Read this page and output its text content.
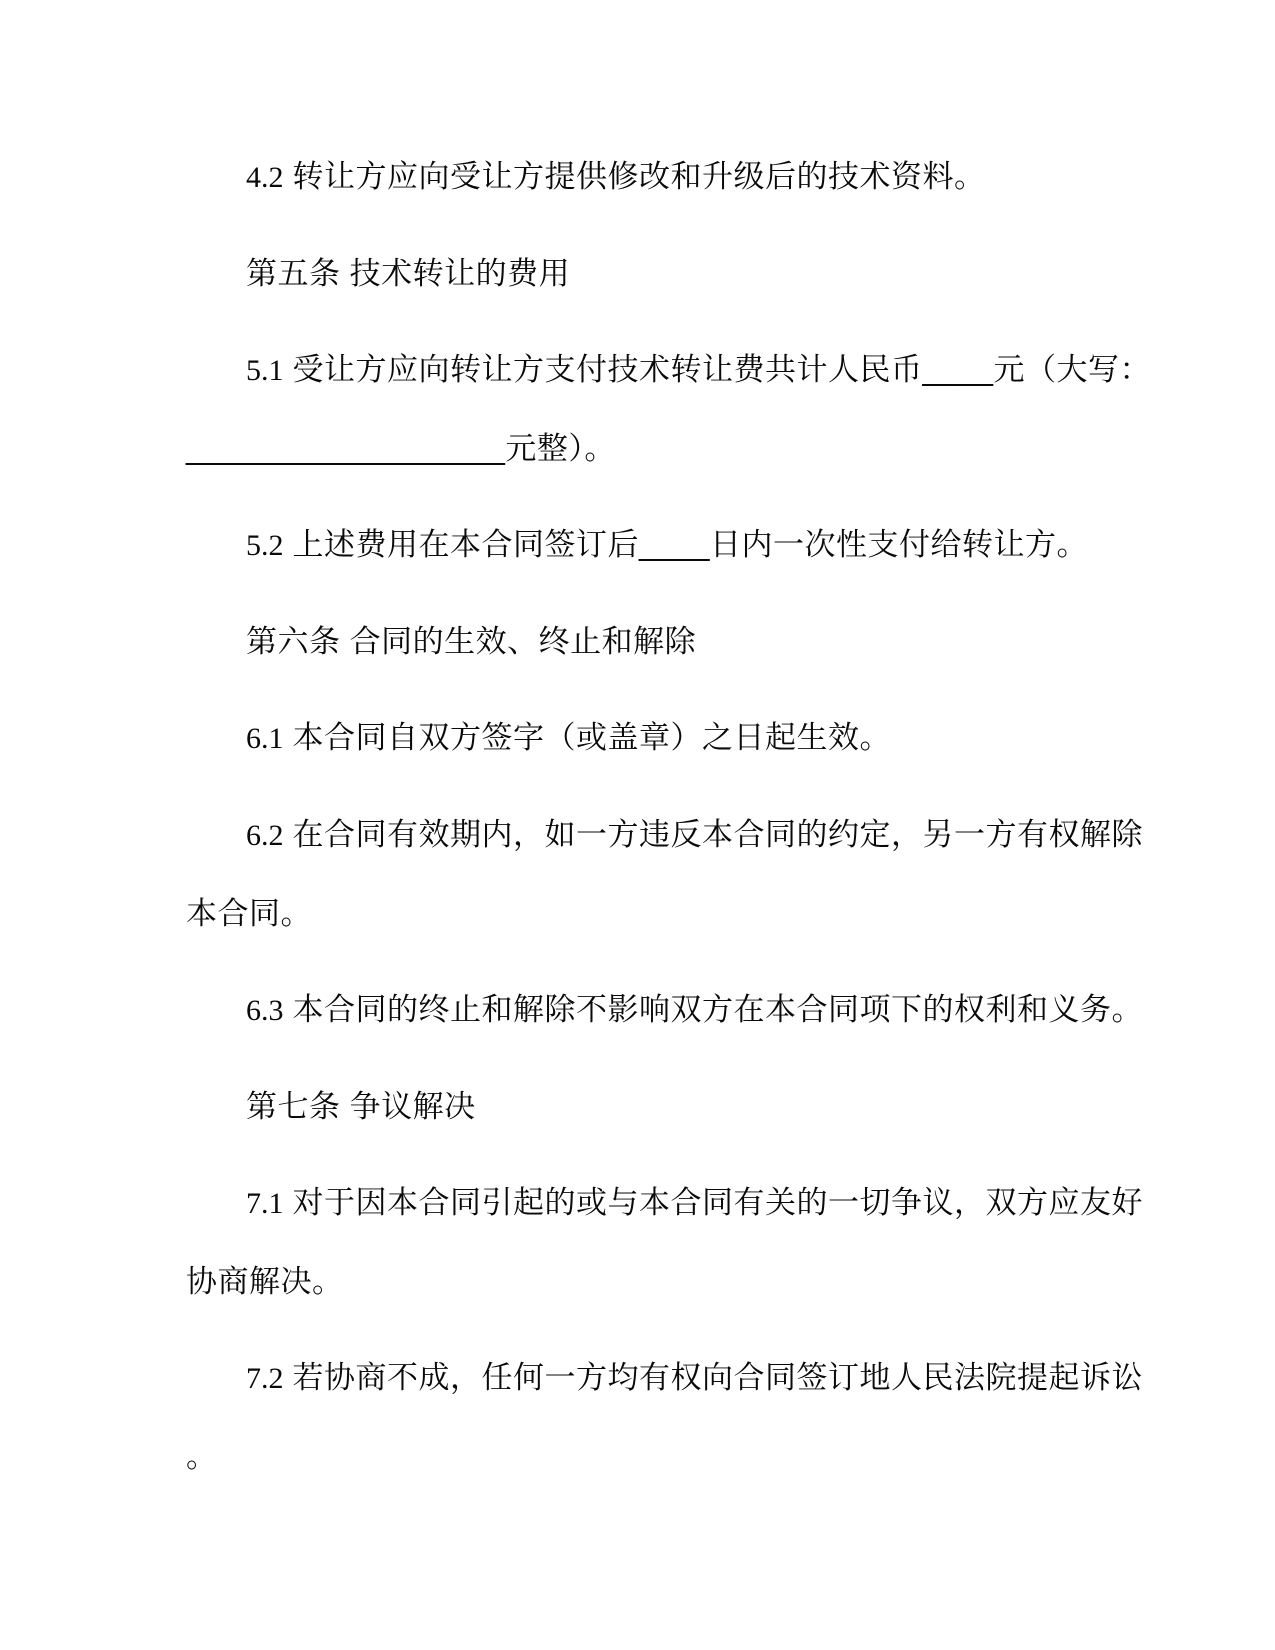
4.2 转让方应向受让方提供修改和升级后的技术资料。
第五条 技术转让的费用
5.1 受让方应向转让方支付技术转让费共计人民币____元（大写：
__________________元整）。
5.2 上述费用在本合同签订后____日内一次性支付给转让方。
第六条 合同的生效、终止和解除
6.1 本合同自双方签字（或盖章）之日起生效。
6.2 在合同有效期内，如一方违反本合同的约定，另一方有权解除
本合同。
6.3 本合同的终止和解除不影响双方在本合同项下的权利和义务。
第七条 争议解决
7.1 对于因本合同引起的或与本合同有关的一切争议，双方应友好
协商解决。
7.2 若协商不成，任何一方均有权向合同签订地人民法院提起诉讼
。
